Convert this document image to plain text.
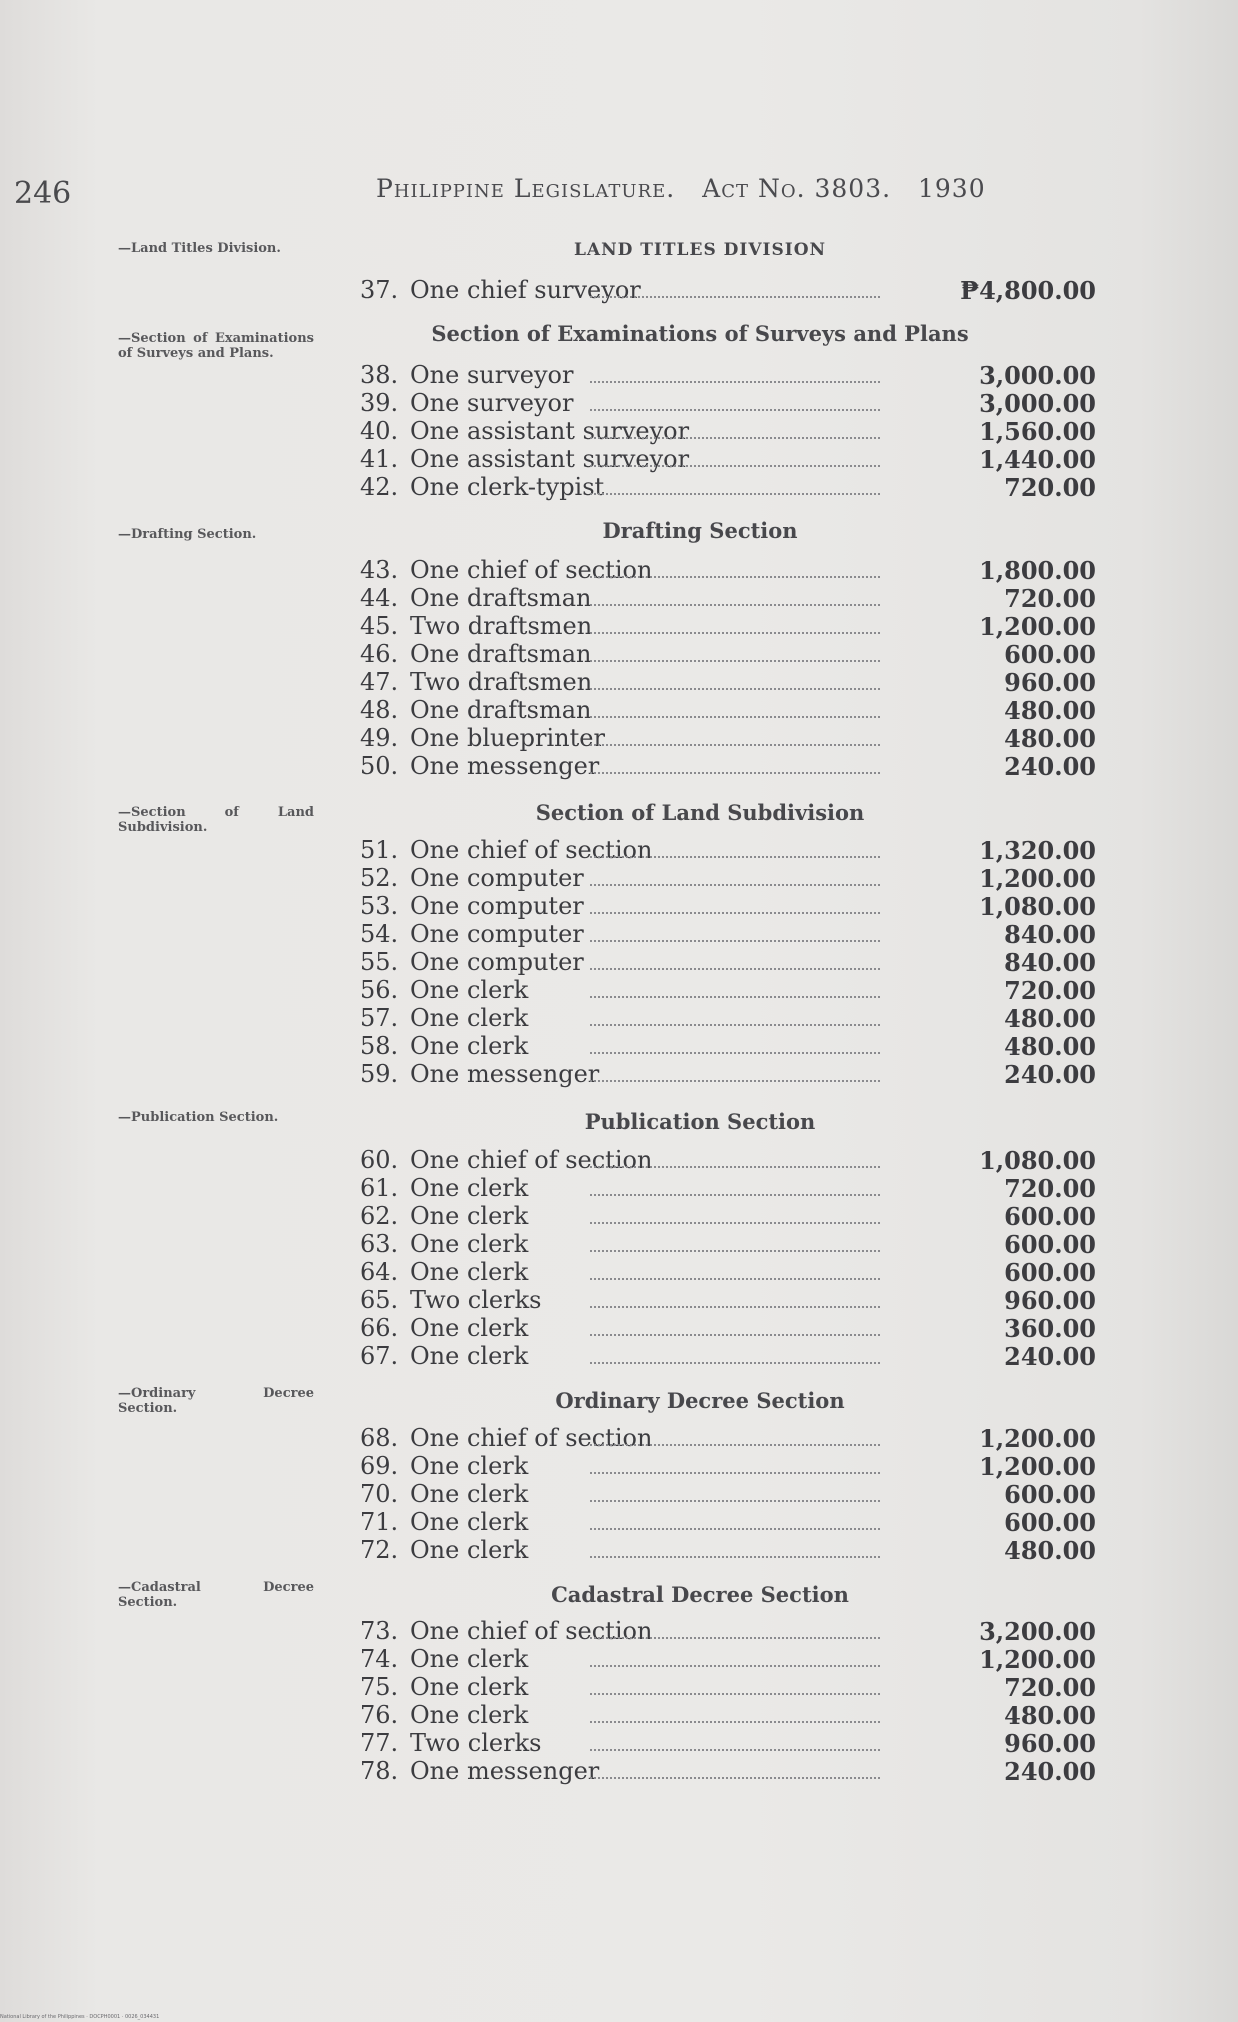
246	Philippine Legislature. Act No. 3803. 1930
—Land Titles Division.
—Section of Examinations of Surveys and Plans.
—Drafting Section.
—Section of Land Subdivision.
—Publication Section.
—Ordinary Decree Section.
—Cadastral Decree Section.
LAND TITLES DIVISION
Section of Examinations of Surveys and Plans
Drafting Section
Section of Land Subdivision
Publication Section
Ordinary Decree Section
Cadastral Decree Section
37. One chief surveyor	₱4,800.00
38. One surveyor	3,000.00
39. One surveyor	3,000.00
40. One assistant surveyor	1,560.00
41. One assistant surveyor	1,440.00
42. One clerk-typist	720.00
43. One chief of section	1,800.00
44. One draftsman	720.00
45. Two draftsmen	1,200.00
46. One draftsman	600.00
47. Two draftsmen	960.00
48. One draftsman	480.00
49. One blueprinter	480.00
50. One messenger	240.00
51. One chief of section	1,320.00
52. One computer	1,200.00
53. One computer	1,080.00
54. One computer	840.00
55. One computer	840.00
56. One clerk	720.00
57. One clerk	480.00
58. One clerk	480.00
59. One messenger	240.00
60. One chief of section	1,080.00
61. One clerk	720.00
62. One clerk	600.00
63. One clerk	600.00
64. One clerk	600.00
65. Two clerks	960.00
66. One clerk	360.00
67. One clerk	240.00
68. One chief of section	1,200.00
69. One clerk	1,200.00
70. One clerk	600.00
71. One clerk	600.00
72. One clerk	480.00
73. One chief of section	3,200.00
74. One clerk	1,200.00
75. One clerk	720.00
76. One clerk	480.00
77. Two clerks	960.00
78. One messenger	240.00
National Library of the Philippines · DOCPH0001 · 0026_034431
